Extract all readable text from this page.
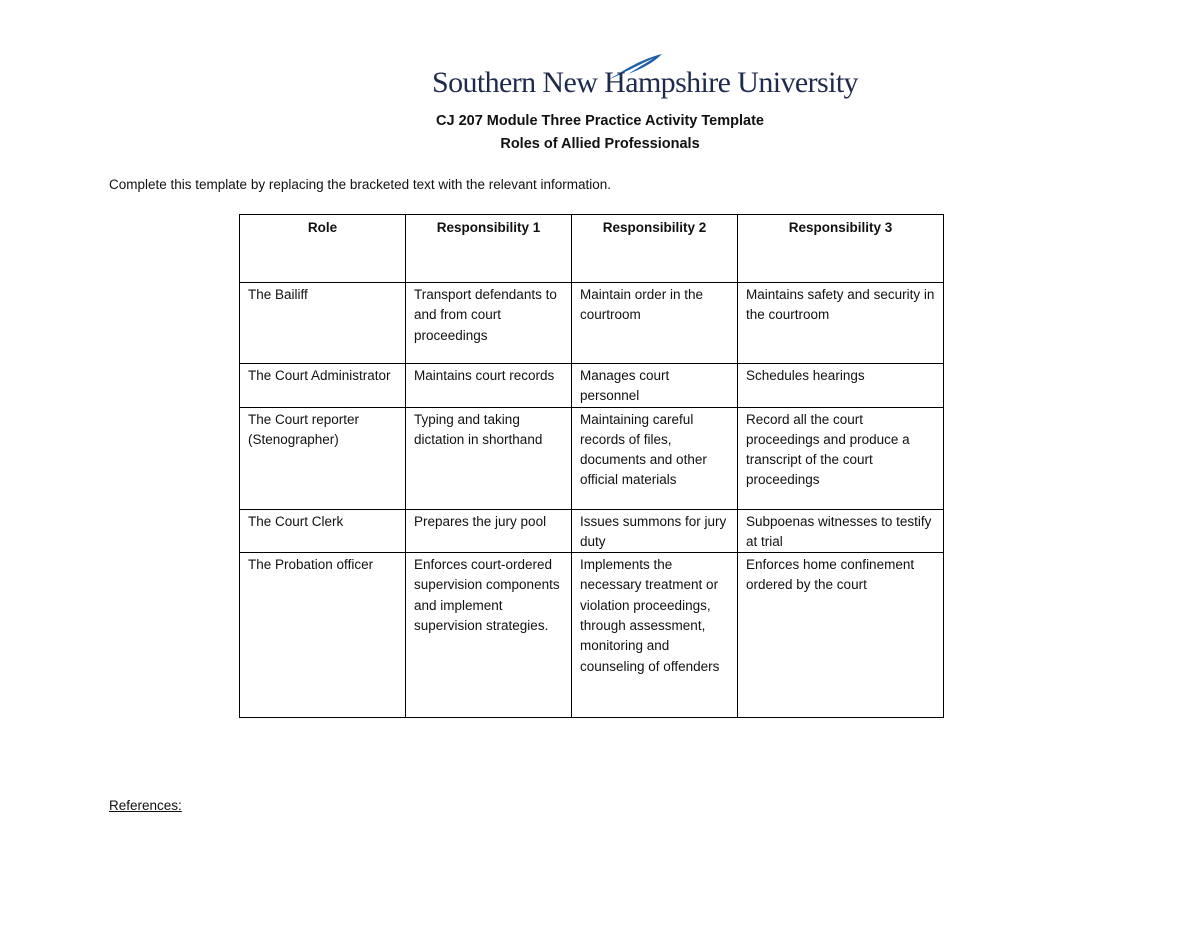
Southern New Hampshire University
CJ 207 Module Three Practice Activity Template
Roles of Allied Professionals
Complete this template by replacing the bracketed text with the relevant information.
Role	Responsibility 1	Responsibility 2	Responsibility 3
The Bailiff	Transport defendants to and from court proceedings	Maintain order in the courtroom	Maintains safety and security in the courtroom
The Court Administrator	Maintains court records	Manages court personnel	Schedules hearings
The Court reporter (Stenographer)	Typing and taking dictation in shorthand	Maintaining careful records of files, documents and other official materials	Record all the court proceedings and produce a transcript of the court proceedings
The Court Clerk	Prepares the jury pool	Issues summons for jury duty	Subpoenas witnesses to testify at trial
The Probation officer	Enforces court-ordered supervision components and implement supervision strategies.	Implements the necessary treatment or violation proceedings, through assessment, monitoring and counseling of offenders	Enforces home confinement ordered by the court
References:
